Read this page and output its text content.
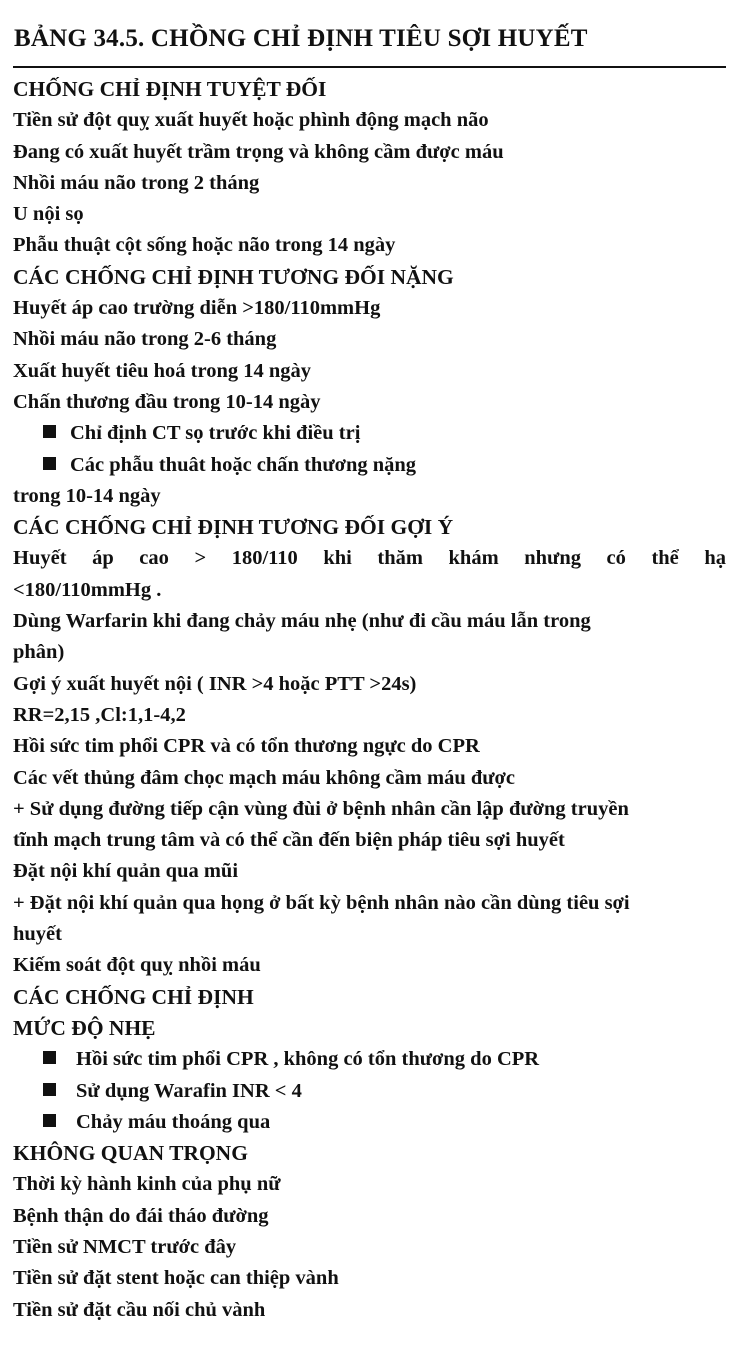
BẢNG 34.5. CHỒNG CHỈ ĐỊNH TIÊU SỢI HUYẾT
CHỐNG CHỈ ĐỊNH TUYỆT ĐỐI
Tiền sử đột quỵ xuất huyết hoặc phình động mạch não
Đang có xuất huyết trầm trọng và không cầm được máu
Nhồi máu não trong 2 tháng
U nội sọ
Phẫu thuật cột sống hoặc não trong 14 ngày
CÁC CHỐNG CHỈ ĐỊNH TƯƠNG ĐỐI NẶNG
Huyết áp cao trường diễn >180/110mmHg
Nhồi máu não trong 2-6 tháng
Xuất huyết tiêu hoá trong 14 ngày
Chấn thương đầu trong 10-14 ngày
Chỉ định CT sọ trước khi điều trị
Các phẫu thuât hoặc chấn thương nặng
trong 10-14 ngày
CÁC CHỐNG CHỈ ĐỊNH TƯƠNG ĐỐI GỢI Ý
Huyết áp cao > 180/110 khi thăm khám nhưng có thể hạ
<180/110mmHg .
Dùng Warfarin khi đang chảy máu nhẹ (như đi cầu máu lẫn trong
phân)
Gợi ý xuất huyết nội ( INR >4 hoặc PTT >24s)
RR=2,15 ,Cl:1,1-4,2
Hồi sức tim phổi CPR và có tổn thương ngực do CPR
Các vết thủng đâm chọc mạch máu không cầm máu được
+ Sử dụng đường tiếp cận vùng đùi ở bệnh nhân cần lập đường truyền
tĩnh mạch trung tâm và có thể cần đến biện pháp tiêu sợi huyết
Đặt nội khí quản qua mũi
+ Đặt nội khí quản qua họng ở bất kỳ bệnh nhân nào cần dùng tiêu sợi
huyết
Kiếm soát đột quỵ nhồi máu
CÁC CHỐNG CHỈ ĐỊNH
MỨC ĐỘ NHẸ
Hồi sức tim phổi CPR , không có tổn thương do CPR
Sử dụng Warafin INR < 4
Chảy máu thoáng qua
KHÔNG QUAN TRỌNG
Thời kỳ hành kinh của phụ nữ
Bệnh thận do đái tháo đường
Tiền sử NMCT trước đây
Tiền sử đặt stent hoặc can thiệp vành
Tiền sử đặt cầu nối chủ vành
